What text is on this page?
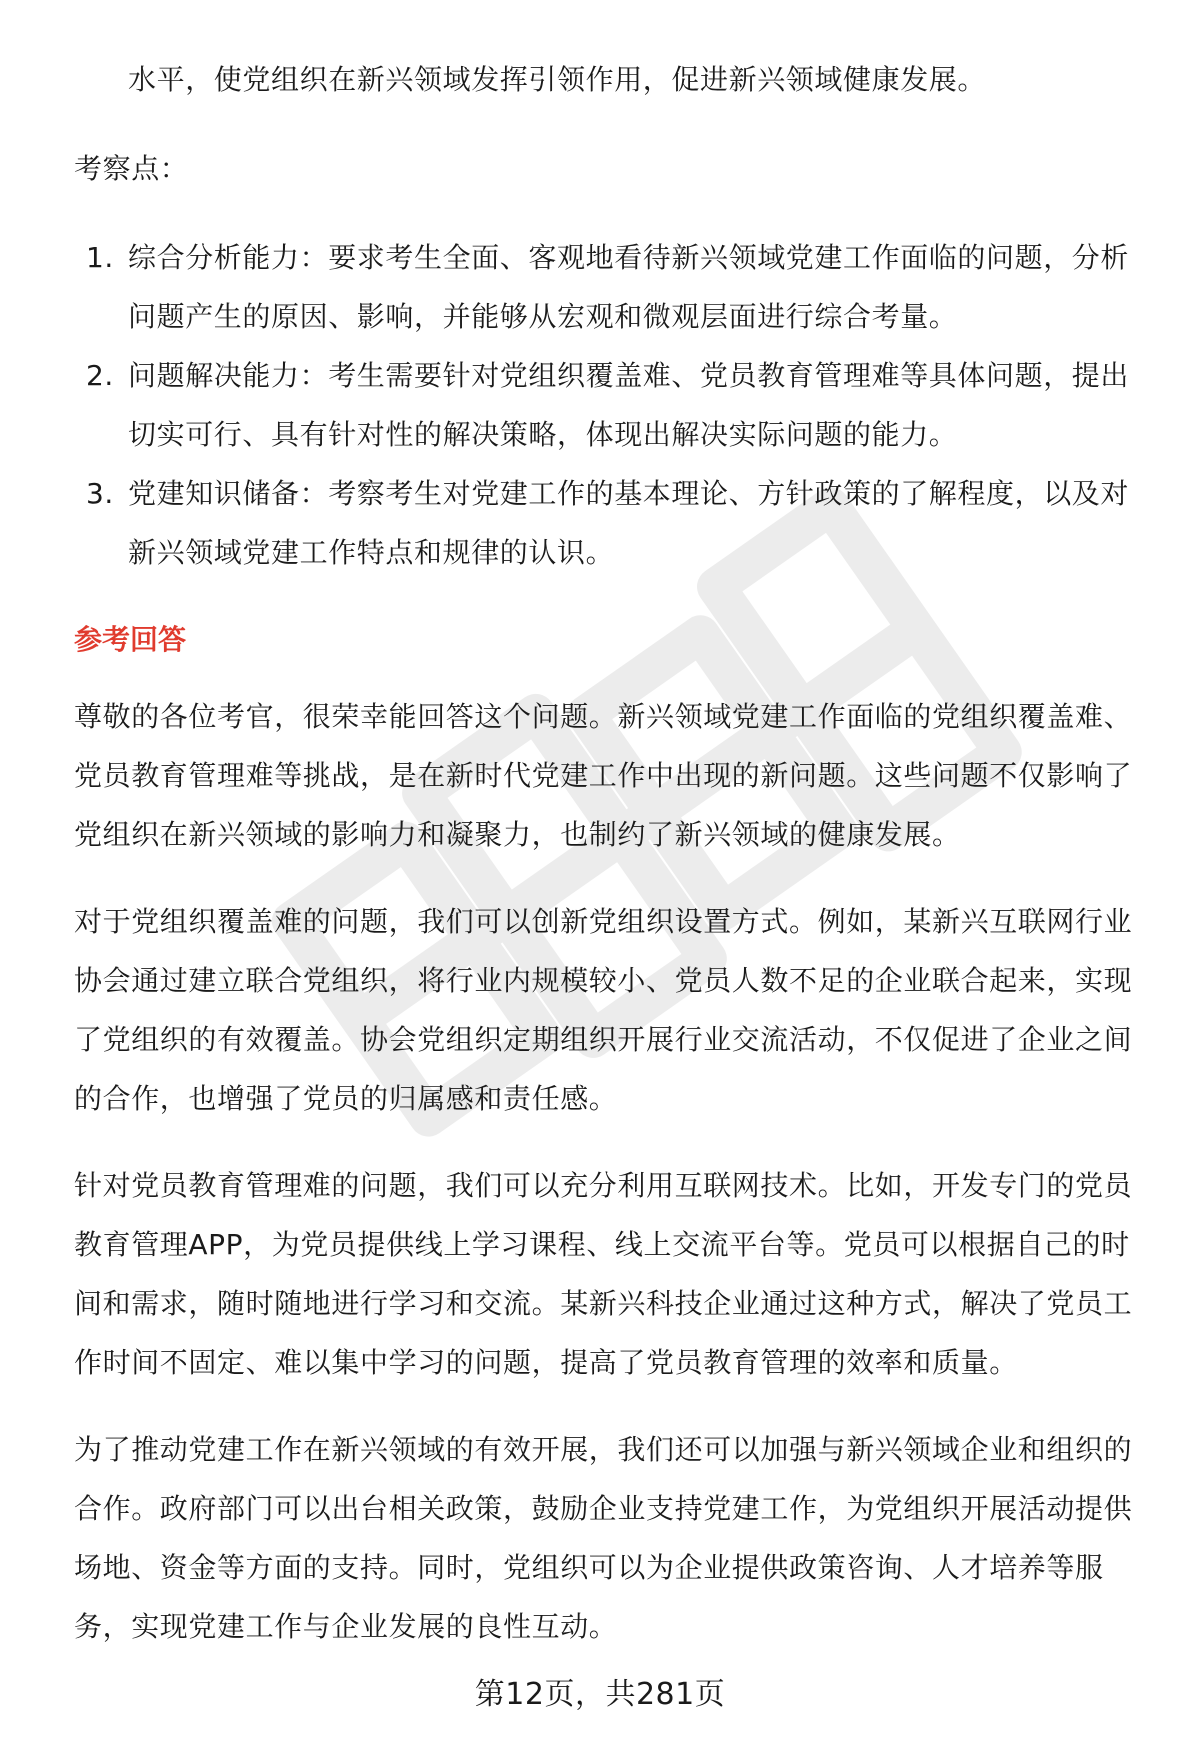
水平，使党组织在新兴领域发挥引领作用，促进新兴领域健康发展。

考察点：

1. 综合分析能力：要求考生全面、客观地看待新兴领域党建工作面临的问题，分析问题产生的原因、影响，并能够从宏观和微观层面进行综合考量。
2. 问题解决能力：考生需要针对党组织覆盖难、党员教育管理难等具体问题，提出切实可行、具有针对性的解决策略，体现出解决实际问题的能力。
3. 党建知识储备：考察考生对党建工作的基本理论、方针政策的了解程度，以及对新兴领域党建工作特点和规律的认识。
参考回答

尊敬的各位考官，很荣幸能回答这个问题。新兴领域党建工作面临的党组织覆盖难、党员教育管理难等挑战，是在新时代党建工作中出现的新问题。这些问题不仅影响了党组织在新兴领域的影响力和凝聚力，也制约了新兴领域的健康发展。

对于党组织覆盖难的问题，我们可以创新党组织设置方式。例如，某新兴互联网行业协会通过建立联合党组织，将行业内规模较小、党员人数不足的企业联合起来，实现了党组织的有效覆盖。协会党组织定期组织开展行业交流活动，不仅促进了企业之间的合作，也增强了党员的归属感和责任感。

针对党员教育管理难的问题，我们可以充分利用互联网技术。比如，开发专门的党员教育管理APP，为党员提供线上学习课程、线上交流平台等。党员可以根据自己的时间和需求，随时随地进行学习和交流。某新兴科技企业通过这种方式，解决了党员工作时间不固定、难以集中学习的问题，提高了党员教育管理的效率和质量。

为了推动党建工作在新兴领域的有效开展，我们还可以加强与新兴领域企业和组织的合作。政府部门可以出台相关政策，鼓励企业支持党建工作，为党组织开展活动提供场地、资金等方面的支持。同时，党组织可以为企业提供政策咨询、人才培养等服务，实现党建工作与企业发展的良性互动。

第12页，共281页
